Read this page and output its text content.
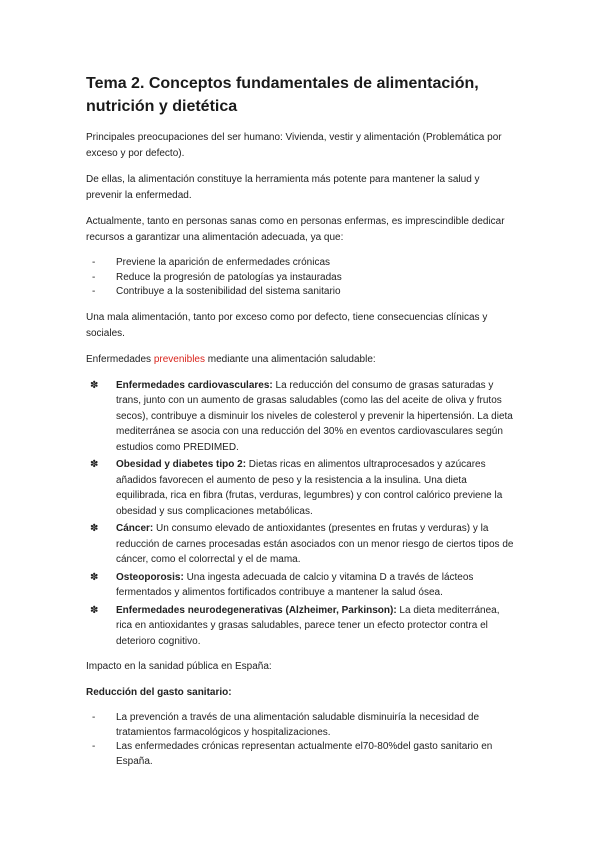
Tema 2. Conceptos fundamentales de alimentación, nutrición y dietética

Principales preocupaciones del ser humano: Vivienda, vestir y alimentación (Problemática por exceso y por defecto).

De ellas, la alimentación constituye la herramienta más potente para mantener la salud y prevenir la enfermedad.

Actualmente, tanto en personas sanas como en personas enfermas, es imprescindible dedicar recursos a garantizar una alimentación adecuada, ya que:

- Previene la aparición de enfermedades crónicas
- Reduce la progresión de patologías ya instauradas
- Contribuye a la sostenibilidad del sistema sanitario

Una mala alimentación, tanto por exceso como por defecto, tiene consecuencias clínicas y sociales.

Enfermedades prevenibles mediante una alimentación saludable:

✽ Enfermedades cardiovasculares: La reducción del consumo de grasas saturadas y trans, junto con un aumento de grasas saludables (como las del aceite de oliva y frutos secos), contribuye a disminuir los niveles de colesterol y prevenir la hipertensión. La dieta mediterránea se asocia con una reducción del 30% en eventos cardiovasculares según estudios como PREDIMED.
✽ Obesidad y diabetes tipo 2: Dietas ricas en alimentos ultraprocesados y azúcares añadidos favorecen el aumento de peso y la resistencia a la insulina. Una dieta equilibrada, rica en fibra (frutas, verduras, legumbres) y con control calórico previene la obesidad y sus complicaciones metabólicas.
✽ Cáncer: Un consumo elevado de antioxidantes (presentes en frutas y verduras) y la reducción de carnes procesadas están asociados con un menor riesgo de ciertos tipos de cáncer, como el colorrectal y el de mama.
✽ Osteoporosis: Una ingesta adecuada de calcio y vitamina D a través de lácteos fermentados y alimentos fortificados contribuye a mantener la salud ósea.
✽ Enfermedades neurodegenerativas (Alzheimer, Parkinson): La dieta mediterránea, rica en antioxidantes y grasas saludables, parece tener un efecto protector contra el deterioro cognitivo.

Impacto en la sanidad pública en España:

Reducción del gasto sanitario:

- La prevención a través de una alimentación saludable disminuiría la necesidad de tratamientos farmacológicos y hospitalizaciones.
- Las enfermedades crónicas representan actualmente el70-80%del gasto sanitario en España.
